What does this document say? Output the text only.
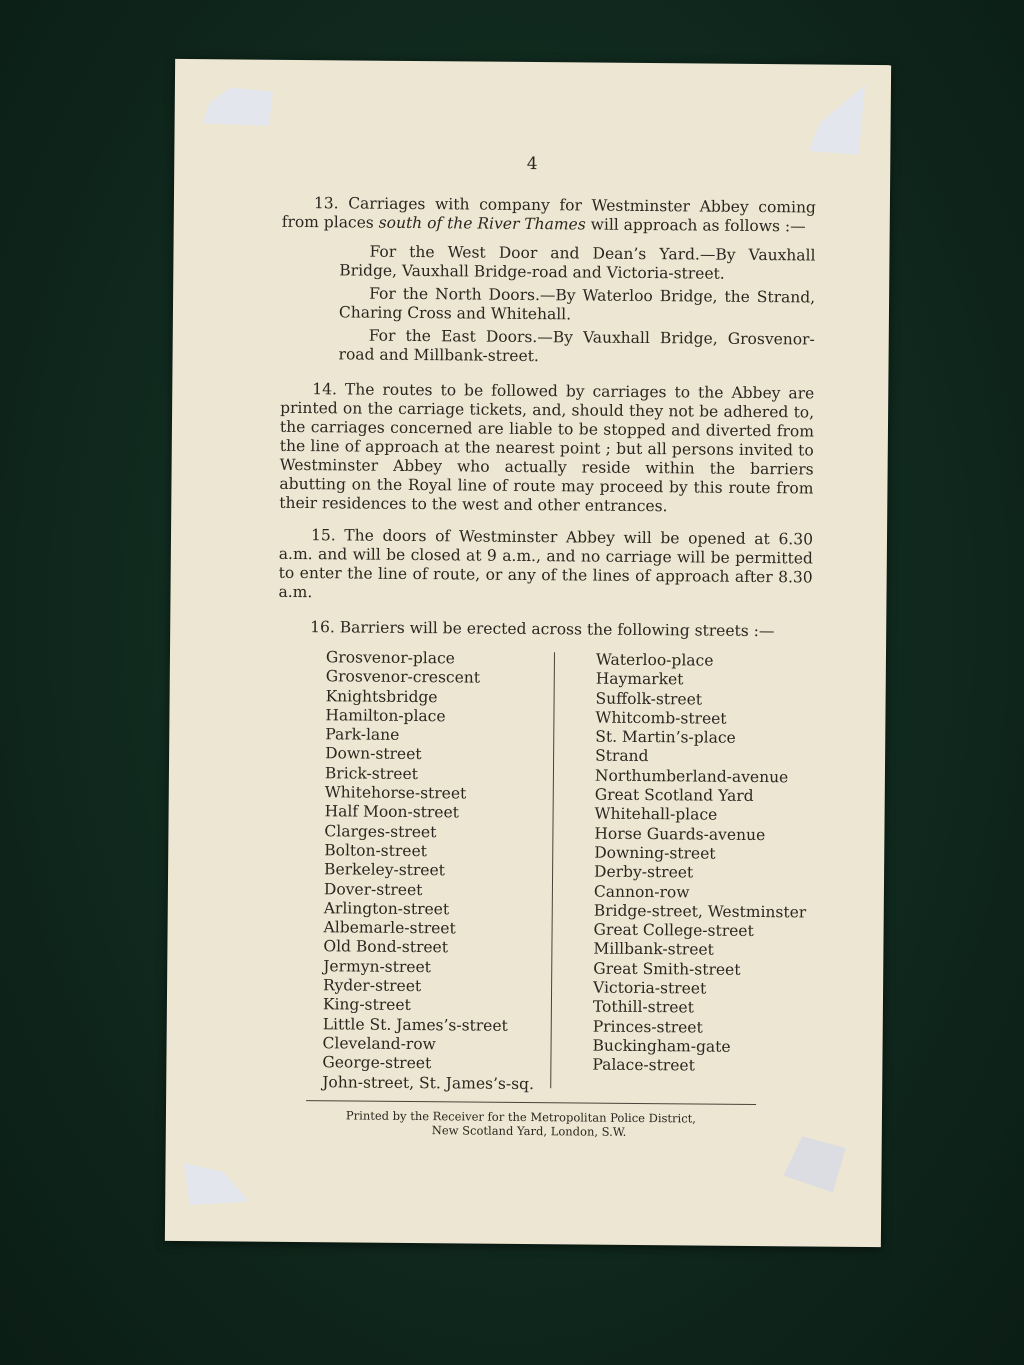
4

13. Carriages with company for Westminster Abbey coming from places south of the River Thames will approach as follows :—

For the West Door and Dean’s Yard.—By Vauxhall Bridge, Vauxhall Bridge-road and Victoria-street.

For the North Doors.—By Waterloo Bridge, the Strand, Charing Cross and Whitehall.

For the East Doors.—By Vauxhall Bridge, Grosvenor-road and Millbank-street.

14. The routes to be followed by carriages to the Abbey are printed on the carriage tickets, and, should they not be adhered to, the carriages concerned are liable to be stopped and diverted from the line of approach at the nearest point ; but all persons invited to Westminster Abbey who actually reside within the barriers abutting on the Royal line of route may proceed by this route from their residences to the west and other entrances.

15. The doors of Westminster Abbey will be opened at 6.30 a.m. and will be closed at 9 a.m., and no carriage will be permitted to enter the line of route, or any of the lines of approach after 8.30 a.m.

16. Barriers will be erected across the following streets :—

Grosvenor-place
Grosvenor-crescent
Knightsbridge
Hamilton-place
Park-lane
Down-street
Brick-street
Whitehorse-street
Half Moon-street
Clarges-street
Bolton-street
Berkeley-street
Dover-street
Arlington-street
Albemarle-street
Old Bond-street
Jermyn-street
Ryder-street
King-street
Little St. James’s-street
Cleveland-row
George-street
John-street, St. James’s-sq.
Waterloo-place
Haymarket
Suffolk-street
Whitcomb-street
St. Martin’s-place
Strand
Northumberland-avenue
Great Scotland Yard
Whitehall-place
Horse Guards-avenue
Downing-street
Derby-street
Cannon-row
Bridge-street, Westminster
Great College-street
Millbank-street
Great Smith-street
Victoria-street
Tothill-street
Princes-street
Buckingham-gate
Palace-street

Printed by the Receiver for the Metropolitan Police District,
New Scotland Yard, London, S.W.
